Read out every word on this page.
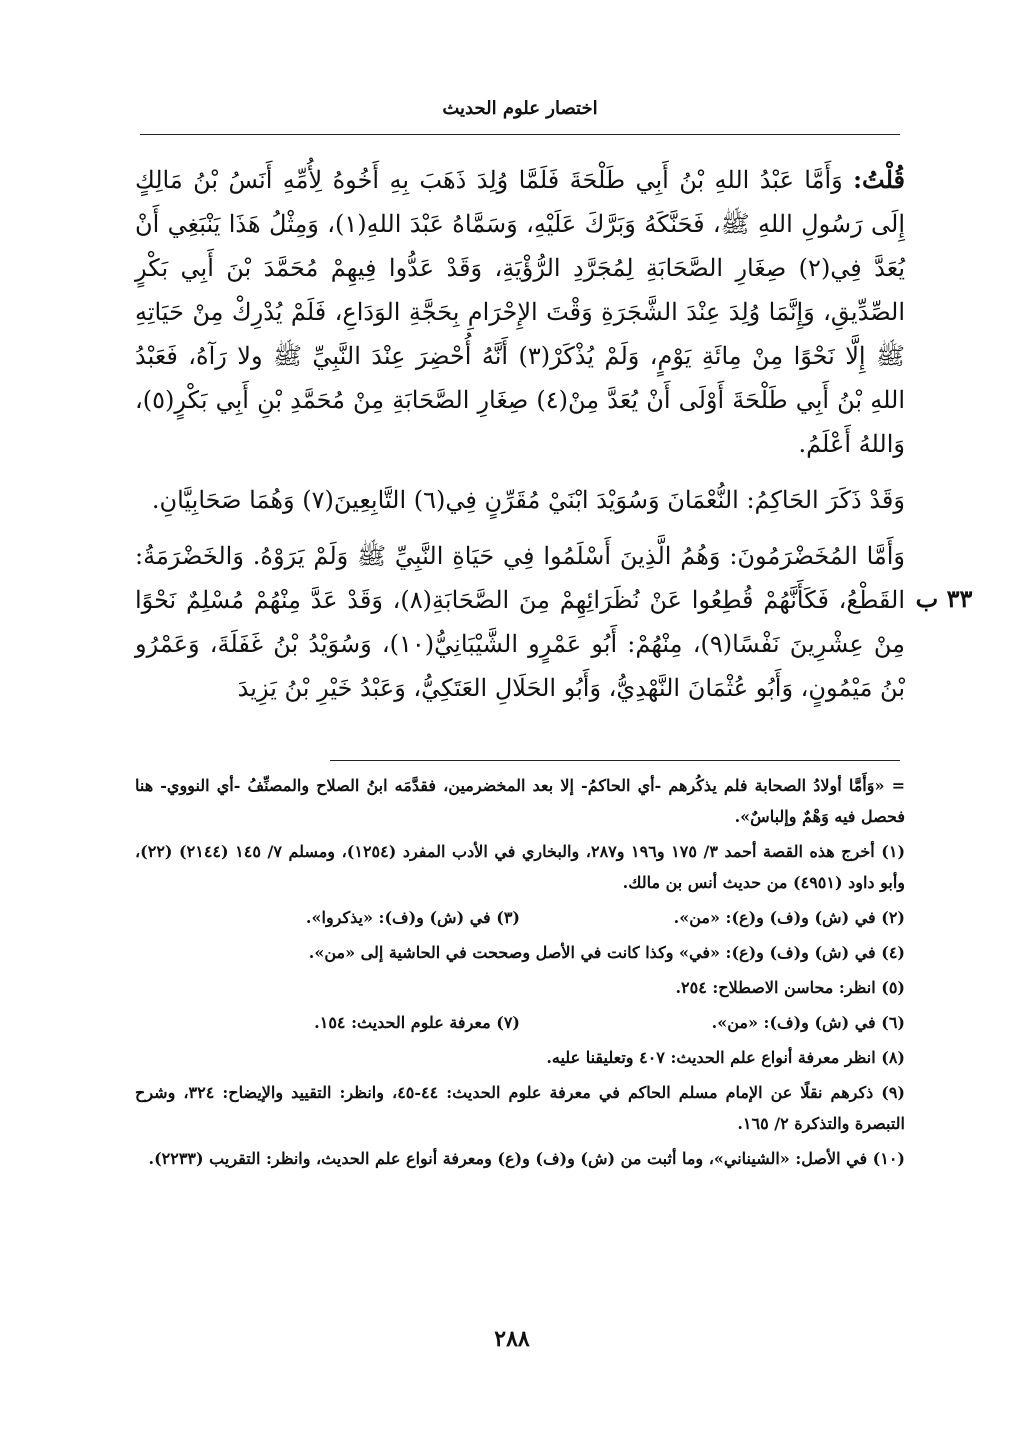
اختصار علوم الحديث

قُلْتُ: وَأَمَّا عَبْدُ اللهِ بْنُ أَبِي طَلْحَةَ فَلَمَّا وُلِدَ ذَهَبَ بِهِ أَخُوهُ لِأُمِّهِ أَنَسُ بْنُ مَالِكٍ إِلَى رَسُولِ اللهِ ﷺ، فَحَنَّكَهُ وَبَرَّكَ عَلَيْهِ، وَسَمَّاهُ عَبْدَ اللهِ(١)، وَمِثْلُ هَذَا يَنْبَغِي أَنْ يُعَدَّ فِي(٢) صِغَارِ الصَّحَابَةِ لِمُجَرَّدِ الرُّؤْيَةِ، وَقَدْ عَدُّوا فِيهِمْ مُحَمَّدَ بْنَ أَبِي بَكْرٍ الصِّدِّيقِ، وَإِنَّمَا وُلِدَ عِنْدَ الشَّجَرَةِ وَقْتَ الإِحْرَامِ بِحَجَّةِ الوَدَاعِ، فَلَمْ يُدْرِكْ مِنْ حَيَاتِهِ ﷺ إِلَّا نَحْوًا مِنْ مِائَةِ يَوْمٍ، وَلَمْ يُذْكَرْ(٣) أَنَّهُ أُحْضِرَ عِنْدَ النَّبِيِّ ﷺ ولا رَآهُ، فَعَبْدُ اللهِ بْنُ أَبِي طَلْحَةَ أَوْلَى أَنْ يُعَدَّ مِنْ(٤) صِغَارِ الصَّحَابَةِ مِنْ مُحَمَّدِ بْنِ أَبِي بَكْرٍ(٥)، وَاللهُ أَعْلَمُ.

وَقَدْ ذَكَرَ الحَاكِمُ: النُّعْمَانَ وَسُوَيْدَ ابْنَيْ مُقَرِّنٍ فِي(٦) التَّابِعِينَ(٧) وَهُمَا صَحَابِيَّانِ.

وَأَمَّا المُخَضْرَمُونَ: وَهُمُ الَّذِينَ أَسْلَمُوا فِي حَيَاةِ النَّبِيِّ ﷺ وَلَمْ يَرَوْهُ. وَالخَضْرَمَةُ: القَطْعُ، فَكَأَنَّهُمْ قُطِعُوا عَنْ نُظَرَائِهِمْ مِنَ الصَّحَابَةِ(٨)، وَقَدْ عَدَّ مِنْهُمْ مُسْلِمٌ نَحْوًا مِنْ عِشْرِينَ نَفْسًا(٩)، مِنْهُمْ: أَبُو عَمْرٍو الشَّيْبَانِيُّ(١٠)، وَسُوَيْدُ بْنُ غَفَلَةَ، وَعَمْرُو بْنُ مَيْمُونٍ، وَأَبُو عُثْمَانَ النَّهْدِيُّ، وَأَبُو الحَلَالِ العَتَكِيُّ، وَعَبْدُ خَيْرِ بْنُ يَزِيدَ

٣٣ ب

= «وَأَمَّا أولادُ الصحابة فلم يذكُرهم -أي الحاكمُ- إلا بعد المخضرمين، فقدَّمَه ابنُ الصلاح والمصنِّفُ -أي النووي- هنا فحصل فيه وَهْمٌ وإلباسٌ».

(١) أخرج هذه القصة أحمد ٣/ ١٧٥ و١٩٦ و٢٨٧، والبخاري في الأدب المفرد (١٢٥٤)، ومسلم ٧/ ١٤٥ (٢١٤٤) (٢٢)، وأبو داود (٤٩٥١) من حديث أنس بن مالك.

(٢) في (ش) و(ف) و(ع): «من».

(٣) في (ش) و(ف): «يذكروا».

(٤) في (ش) و(ف) و(ع): «في» وكذا كانت في الأصل وصححت في الحاشية إلى «من».

(٥) انظر: محاسن الاصطلاح: ٢٥٤.

(٦) في (ش) و(ف): «من».

(٧) معرفة علوم الحديث: ١٥٤.

(٨) انظر معرفة أنواع علم الحديث: ٤٠٧ وتعليقنا عليه.

(٩) ذكرهم نقلًا عن الإمام مسلم الحاكم في معرفة علوم الحديث: ٤٤-٤٥، وانظر: التقييد والإيضاح: ٣٢٤، وشرح التبصرة والتذكرة ٢/ ١٦٥.

(١٠) في الأصل: «الشيناني»، وما أثبت من (ش) و(ف) و(ع) ومعرفة أنواع علم الحديث، وانظر: التقريب (٢٢٣٣).

٢٨٨
